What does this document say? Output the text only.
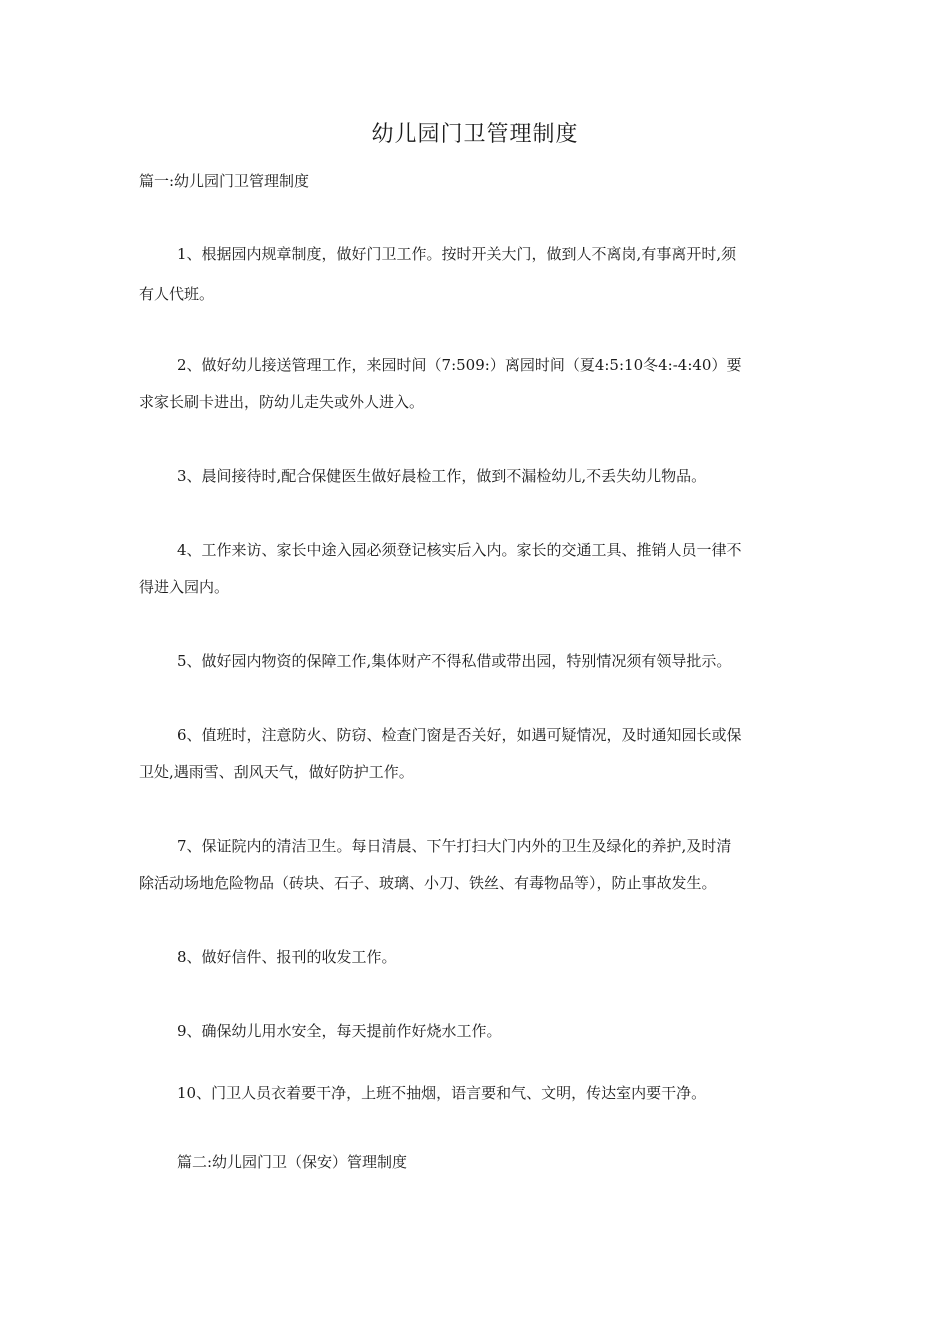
幼儿园门卫管理制度
篇一:幼儿园门卫管理制度
1、根据园内规章制度，做好门卫工作。按时开关大门，做到人不离岗,有事离开时,须
有人代班。
2、做好幼儿接送管理工作，来园时间（7:509:）离园时间（夏4:5:10冬4:-4:40）要
求家长刷卡进出，防幼儿走失或外人进入。
3、晨间接待时,配合保健医生做好晨检工作，做到不漏检幼儿,不丢失幼儿物品。
4、工作来访、家长中途入园必须登记核实后入内。家长的交通工具、推销人员一律不
得进入园内。
5、做好园内物资的保障工作,集体财产不得私借或带出园，特别情况须有领导批示。
6、值班时，注意防火、防窃、检查门窗是否关好，如遇可疑情况，及时通知园长或保
卫处,遇雨雪、刮风天气，做好防护工作。
7、保证院内的清洁卫生。每日清晨、下午打扫大门内外的卫生及绿化的养护,及时清
除活动场地危险物品（砖块、石子、玻璃、小刀、铁丝、有毒物品等），防止事故发生。
8、做好信件、报刊的收发工作。
9、确保幼儿用水安全，每天提前作好烧水工作。
10、门卫人员衣着要干净，上班不抽烟，语言要和气、文明，传达室内要干净。
篇二:幼儿园门卫（保安）管理制度
